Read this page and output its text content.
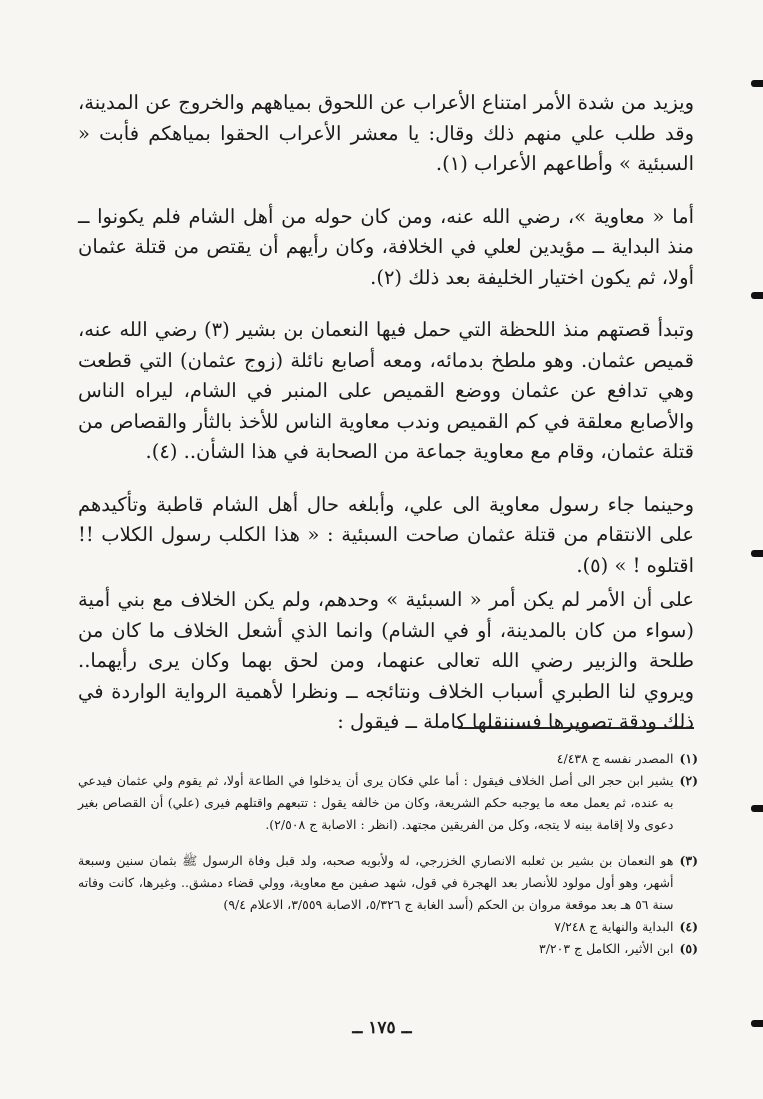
ويزيد من شدة الأمر امتناع الأعراب عن اللحوق بمياههم والخروج عن المدينة، وقد طلب علي منهم ذلك وقال: يا معشر الأعراب الحقوا بمياهكم فأبت « السبئية » وأطاعهم الأعراب (١).

أما « معاوية »، رضي الله عنه، ومن كان حوله من أهل الشام فلم يكونوا ــ منذ البداية ــ مؤيدين لعلي في الخلافة، وكان رأيهم أن يقتص من قتلة عثمان أولا، ثم يكون اختيار الخليفة بعد ذلك (٢).

وتبدأ قصتهم منذ اللحظة التي حمل فيها النعمان بن بشير (٣) رضي الله عنه، قميص عثمان. وهو ملطخ بدمائه، ومعه أصابع نائلة (زوج عثمان) التي قطعت وهي تدافع عن عثمان ووضع القميص على المنبر في الشام، ليراه الناس والأصابع معلقة في كم القميص وندب معاوية الناس للأخذ بالثأر والقصاص من قتلة عثمان، وقام مع معاوية جماعة من الصحابة في هذا الشأن.. (٤).

وحينما جاء رسول معاوية الى علي، وأبلغه حال أهل الشام قاطبة وتأكيدهم على الانتقام من قتلة عثمان صاحت السبئية : « هذا الكلب رسول الكلاب !! اقتلوه ! » (٥).

على أن الأمر لم يكن أمر « السبئية » وحدهم، ولم يكن الخلاف مع بني أمية (سواء من كان بالمدينة، أو في الشام) وانما الذي أشعل الخلاف ما كان من طلحة والزبير رضي الله تعالى عنهما، ومن لحق بهما وكان يرى رأيهما.. ويروي لنا الطبري أسباب الخلاف ونتائجه ــ ونظرا لأهمية الرواية الواردة في ذلك ودقة تصويرها فسننقلها كاملة ــ فيقول :

(١)
المصدر نفسه ج ٤/٤٣٨
(٢)
يشير ابن حجر الى أصل الخلاف فيقول : أما علي فكان يرى أن يدخلوا في الطاعة أولا، ثم يقوم ولي عثمان فيدعي به عنده، ثم يعمل معه ما يوجبه حكم الشريعة، وكان من خالفه يقول : تتبعهم واقتلهم فيرى (علي) أن القصاص بغير دعوى ولا إقامة بينه لا يتجه، وكل من الفريقين مجتهد. (انظر : الاصابة ج ٢/٥٠٨).
(٣)
هو النعمان بن بشير بن ثعلبه الانصاري الخزرجي، له ولأبويه صحبه، ولد قبل وفاة الرسول ﷺ بثمان سنين وسبعة أشهر، وهو أول مولود للأنصار بعد الهجرة في قول، شهد صفين مع معاوية، وولي قضاء دمشق.. وغيرها، كانت وفاته سنة ٥٦ هـ بعد موقعة مروان بن الحكم (أسد الغابة ج ٥/٣٢٦، الاصابة ٣/٥٥٩، الاعلام ٩/٤)
(٤)
البداية والنهاية ج ٧/٢٤٨
(٥)
ابن الأثير، الكامل ج ٣/٢٠٣
ــ ١٧٥ ــ
